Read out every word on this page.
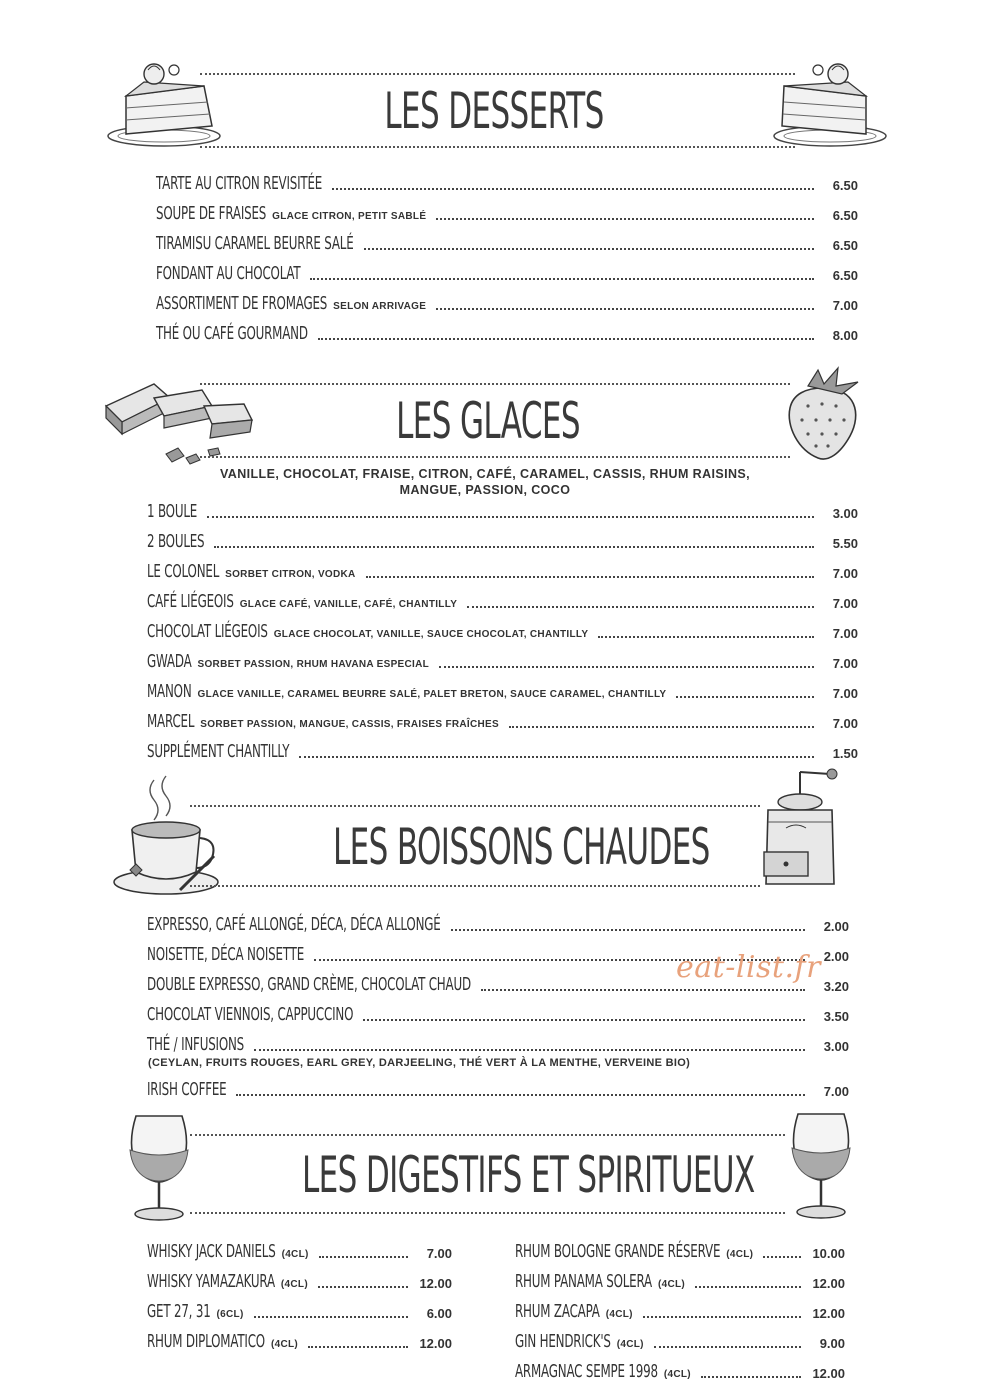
LES DESSERTS
TARTE AU CITRON REVISITÉE	6.50
SOUPE DE FRAISES GLACE CITRON, PETIT SABLÉ	6.50
TIRAMISU CARAMEL BEURRE SALÉ	6.50
FONDANT AU CHOCOLAT	6.50
ASSORTIMENT DE FROMAGES SELON ARRIVAGE	7.00
THÉ OU CAFÉ GOURMAND	8.00
LES GLACES
VANILLE, CHOCOLAT, FRAISE, CITRON, CAFÉ, CARAMEL, CASSIS, RHUM RAISINS,
MANGUE, PASSION, COCO
1 BOULE	3.00
2 BOULES	5.50
LE COLONEL SORBET CITRON, VODKA	7.00
CAFÉ LIÉGEOIS GLACE CAFÉ, VANILLE, CAFÉ, CHANTILLY	7.00
CHOCOLAT LIÉGEOIS GLACE CHOCOLAT, VANILLE, SAUCE CHOCOLAT, CHANTILLY	7.00
GWADA SORBET PASSION, RHUM HAVANA ESPECIAL	7.00
MANON GLACE VANILLE, CARAMEL BEURRE SALÉ, PALET BRETON, SAUCE CARAMEL, CHANTILLY	7.00
MARCEL SORBET PASSION, MANGUE, CASSIS, FRAISES FRAÎCHES	7.00
SUPPLÉMENT CHANTILLY	1.50
LES BOISSONS CHAUDES
EXPRESSO, CAFÉ ALLONGÉ, DÉCA, DÉCA ALLONGÉ	2.00
NOISETTE, DÉCA NOISETTE	2.00
DOUBLE EXPRESSO, GRAND CRÈME, CHOCOLAT CHAUD	3.20
CHOCOLAT VIENNOIS, CAPPUCCINO	3.50
THÉ / INFUSIONS	3.00
IRISH COFFEE	7.00
(CEYLAN, FRUITS ROUGES, EARL GREY, DARJEELING, THÉ VERT À LA MENTHE, VERVEINE BIO)
eat-list.fr
LES DIGESTIFS ET SPIRITUEUX
WHISKY JACK DANIELS (4CL)	7.00
WHISKY YAMAZAKURA (4CL)	12.00
GET 27, 31 (6CL)	6.00
RHUM DIPLOMATICO (4CL)	12.00
RHUM BOLOGNE GRANDE RÉSERVE (4CL)	10.00
RHUM PANAMA SOLERA (4CL)	12.00
RHUM ZACAPA (4CL)	12.00
GIN HENDRICK'S (4CL)	9.00
ARMAGNAC SEMPE 1998 (4CL)	12.00
